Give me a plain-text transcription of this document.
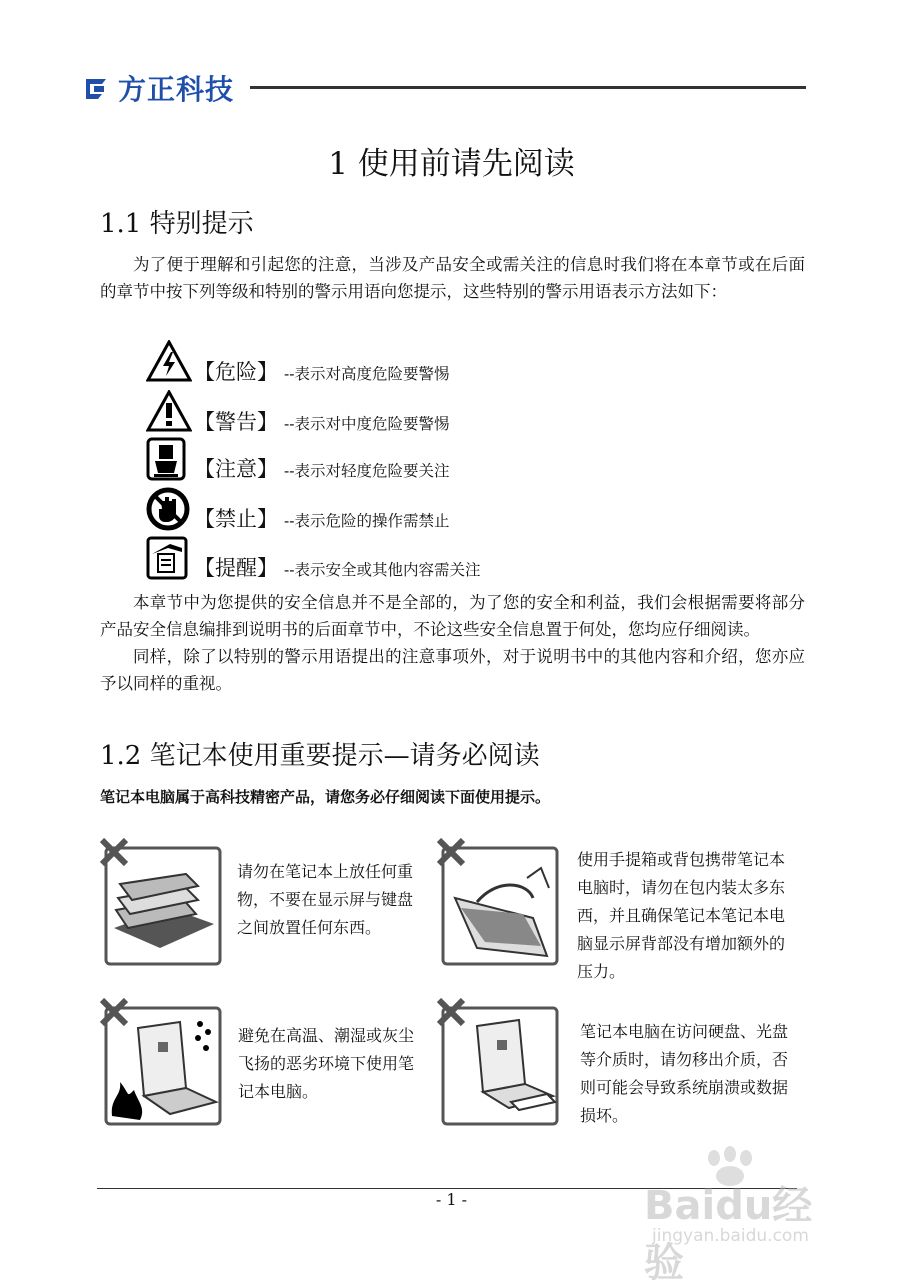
方正科技
1 使用前请先阅读
1.1 特别提示

为了便于理解和引起您的注意，当涉及产品安全或需关注的信息时我们将在本章节或在后面的章节中按下列等级和特别的警示用语向您提示，这些特别的警示用语表示方法如下：

【危险】 --表示对高度危险要警惕
【警告】 --表示对中度危险要警惕
【注意】 --表示对轻度危险要关注
【禁止】 --表示危险的操作需禁止
【提醒】 --表示安全或其他内容需关注

本章节中为您提供的安全信息并不是全部的，为了您的安全和利益，我们会根据需要将部分产品安全信息编排到说明书的后面章节中，不论这些安全信息置于何处，您均应仔细阅读。

同样，除了以特别的警示用语提出的注意事项外，对于说明书中的其他内容和介绍，您亦应予以同样的重视。

1.2 笔记本使用重要提示—请务必阅读
笔记本电脑属于高科技精密产品，请您务必仔细阅读下面使用提示。
请勿在笔记本上放任何重物，不要在显示屏与键盘之间放置任何东西。
使用手提箱或背包携带笔记本电脑时，请勿在包内装太多东西，并且确保笔记本笔记本电脑显示屏背部没有增加额外的压力。
避免在高温、潮湿或灰尘飞扬的恶劣环境下使用笔记本电脑。
笔记本电脑在访问硬盘、光盘等介质时，请勿移出介质，否则可能会导致系统崩溃或数据损坏。
- 1 -	Baidu经验
jingyan.baidu.com
